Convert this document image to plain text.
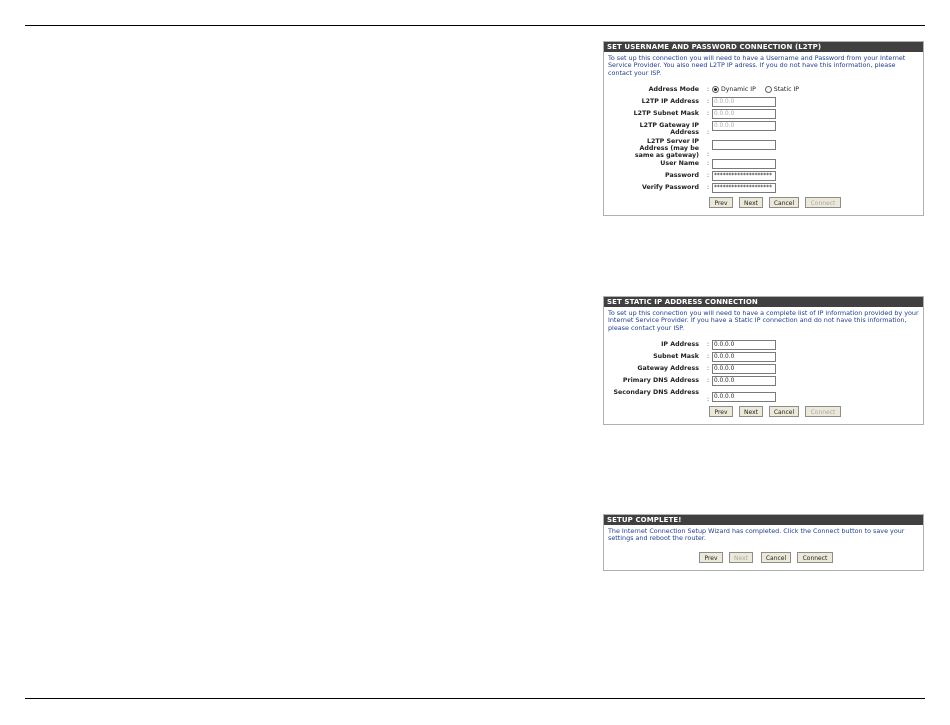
SET USERNAME AND PASSWORD CONNECTION (L2TP)

To set up this connection you will need to have a Username and Password from your Internet Service Provider. You also need L2TP IP adress. If you do not have this information, please contact your ISP.

Address Mode :	Dynamic IP	Static IP
L2TP IP Address : 0.0.0.0
L2TP Subnet Mask : 0.0.0.0
L2TP Gateway IP Address :
0.0.0.0
L2TP Server IP Address (may be same as gateway) :
User Name :
Password : ********************
Verify Password : ********************
Prev	Next	Cancel	Connect
SET STATIC IP ADDRESS CONNECTION

To set up this connection you will need to have a complete list of IP information provided by your Internet Service Provider. If you have a Static IP connection and do not have this information, please contact your ISP.

IP Address : 0.0.0.0
Subnet Mask : 0.0.0.0
Gateway Address : 0.0.0.0
Primary DNS Address : 0.0.0.0
Secondary DNS Address
: 0.0.0.0
Prev	Next	Cancel	Connect
SETUP COMPLETE!

The Internet Connection Setup Wizard has completed. Click the Connect button to save your settings and reboot the router.

Prev	Next	Cancel	Connect
